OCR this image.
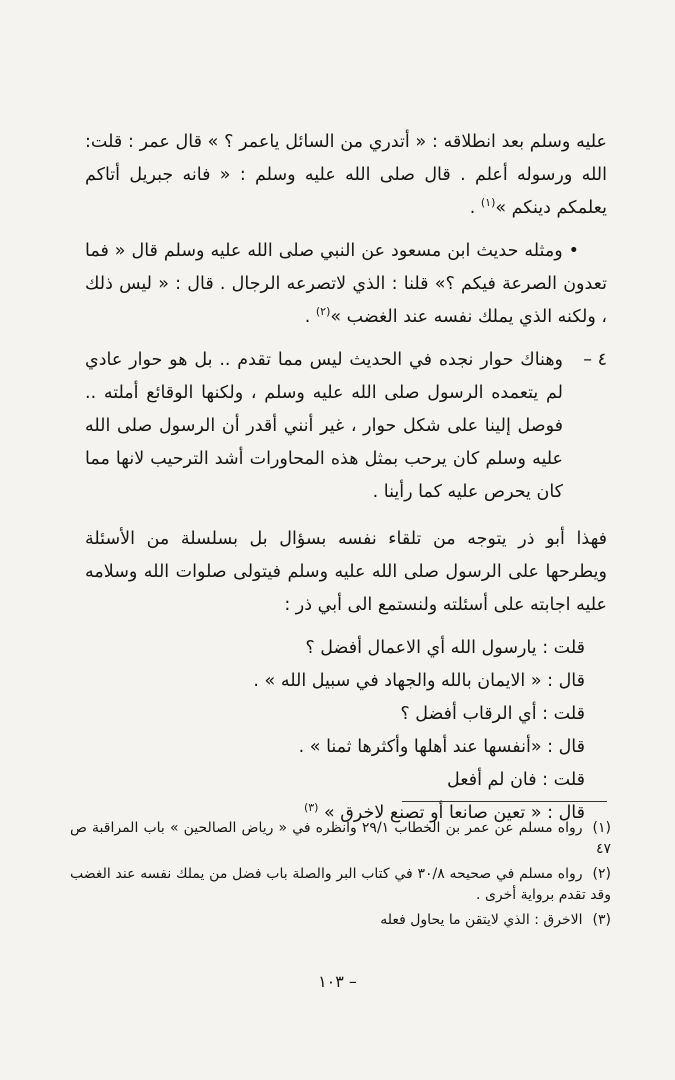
عليه وسلم بعد انطلاقه : « أتدري من السائل ياعمر ؟ » قال عمر : قلت: الله ورسوله أعلم . قال صلى الله عليه وسلم : « فانه جبريل أتاكم يعلمكم دينكم »$^{(١)}$ .

•ومثله حديث ابن مسعود عن النبي صلى الله عليه وسلم قال « فما تعدون الصرعة فيكم ؟» قلنا : الذي لاتصرعه الرجال . قال : « ليس ذلك ، ولكنه الذي يملك نفسه عند الغضب »$^{(٢)}$ .

٤ –
وهناك حوار نجده في الحديث ليس مما تقدم .. بل هو حوار عادي لم يتعمده الرسول صلى الله عليه وسلم ، ولكنها الوقائع أملته .. فوصل إلينا على شكل حوار ، غير أنني أقدر أن الرسول صلى الله عليه وسلم كان يرحب بمثل هذه المحاورات أشد الترحيب لانها مما كان يحرص عليه كما رأينا .

فهذا أبو ذر يتوجه من تلقاء نفسه بسؤال بل بسلسلة من الأسئلة ويطرحها على الرسول صلى الله عليه وسلم فيتولى صلوات الله وسلامه عليه اجابته على أسئلته ولنستمع الى أبي ذر :

قلت : يارسول الله أي الاعمال أفضل ؟
قال : « الايمان بالله والجهاد في سبيل الله » .
قلت : أي الرقاب أفضل ؟
قال : «أنفسها عند أهلها وأكثرها ثمنا » .
قلت : فان لم أفعل
قال : « تعين صانعا أو تصنع لاخرق » $^{(٣)}$

(١)رواه مسلم عن عمر بن الخطاب ٢٩/١ وانظره في « رياض الصالحين » باب المراقبة ص ٤٧

(٢)رواه مسلم في صحيحه ٣٠/٨ في كتاب البر والصلة باب فضل من يملك نفسه عند الغضب وقد تقدم برواية أخرى .

(٣)الاخرق : الذي لايتقن ما يحاول فعله

– ١٠٣
